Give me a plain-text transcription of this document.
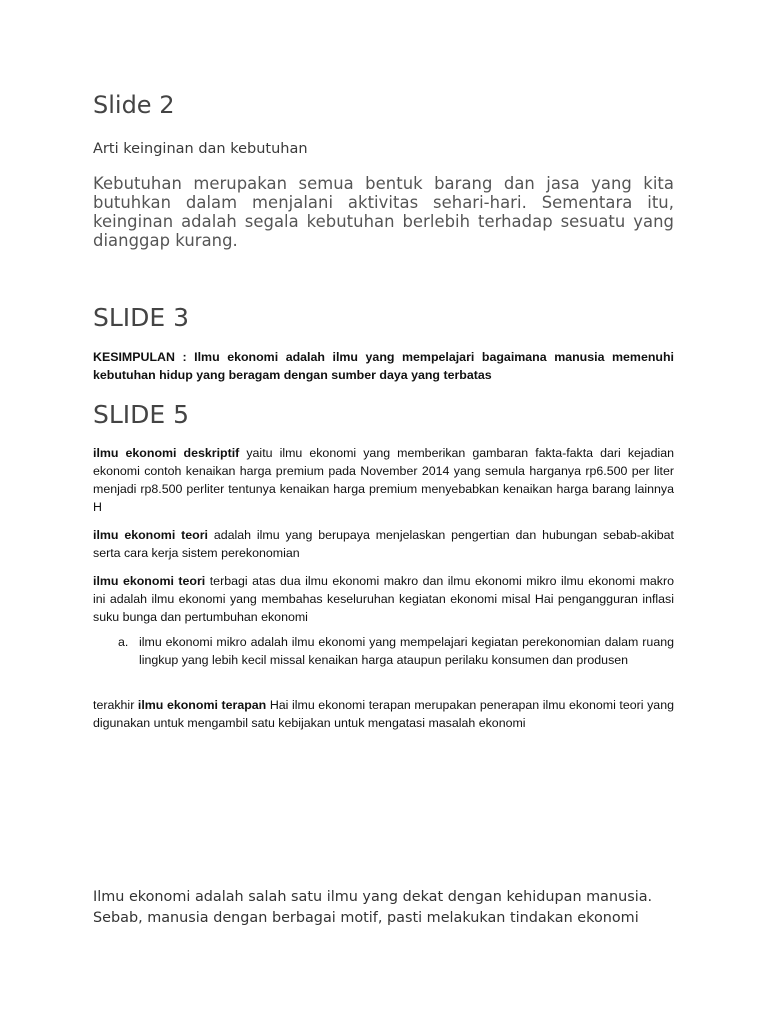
Slide 2
Arti keinginan dan kebutuhan
Kebutuhan merupakan semua bentuk barang dan jasa yang kita butuhkan dalam menjalani aktivitas sehari-hari. Sementara itu, keinginan adalah segala kebutuhan berlebih terhadap sesuatu yang dianggap kurang.
SLIDE 3

KESIMPULAN : Ilmu ekonomi adalah ilmu yang mempelajari bagaimana manusia memenuhi kebutuhan hidup yang beragam dengan sumber daya yang terbatas

SLIDE 5

ilmu ekonomi deskriptif yaitu ilmu ekonomi yang memberikan gambaran fakta-fakta dari kejadian ekonomi contoh kenaikan harga premium pada November 2014 yang semula harganya rp6.500 per liter menjadi rp8.500 perliter tentunya kenaikan harga premium menyebabkan kenaikan harga barang lainnya H

ilmu ekonomi teori adalah ilmu yang berupaya menjelaskan pengertian dan hubungan sebab-akibat serta cara kerja sistem perekonomian

ilmu ekonomi teori terbagi atas dua ilmu ekonomi makro dan ilmu ekonomi mikro ilmu ekonomi makro ini adalah ilmu ekonomi yang membahas keseluruhan kegiatan ekonomi misal Hai pengangguran inflasi suku bunga dan pertumbuhan ekonomi

a. ilmu ekonomi mikro adalah ilmu ekonomi yang mempelajari kegiatan perekonomian dalam ruang lingkup yang lebih kecil missal kenaikan harga ataupun perilaku konsumen dan produsen

terakhir ilmu ekonomi terapan Hai ilmu ekonomi terapan merupakan penerapan ilmu ekonomi teori yang digunakan untuk mengambil satu kebijakan untuk mengatasi masalah ekonomi

Ilmu ekonomi adalah salah satu ilmu yang dekat dengan kehidupan manusia. Sebab, manusia dengan berbagai motif, pasti melakukan tindakan ekonomi
